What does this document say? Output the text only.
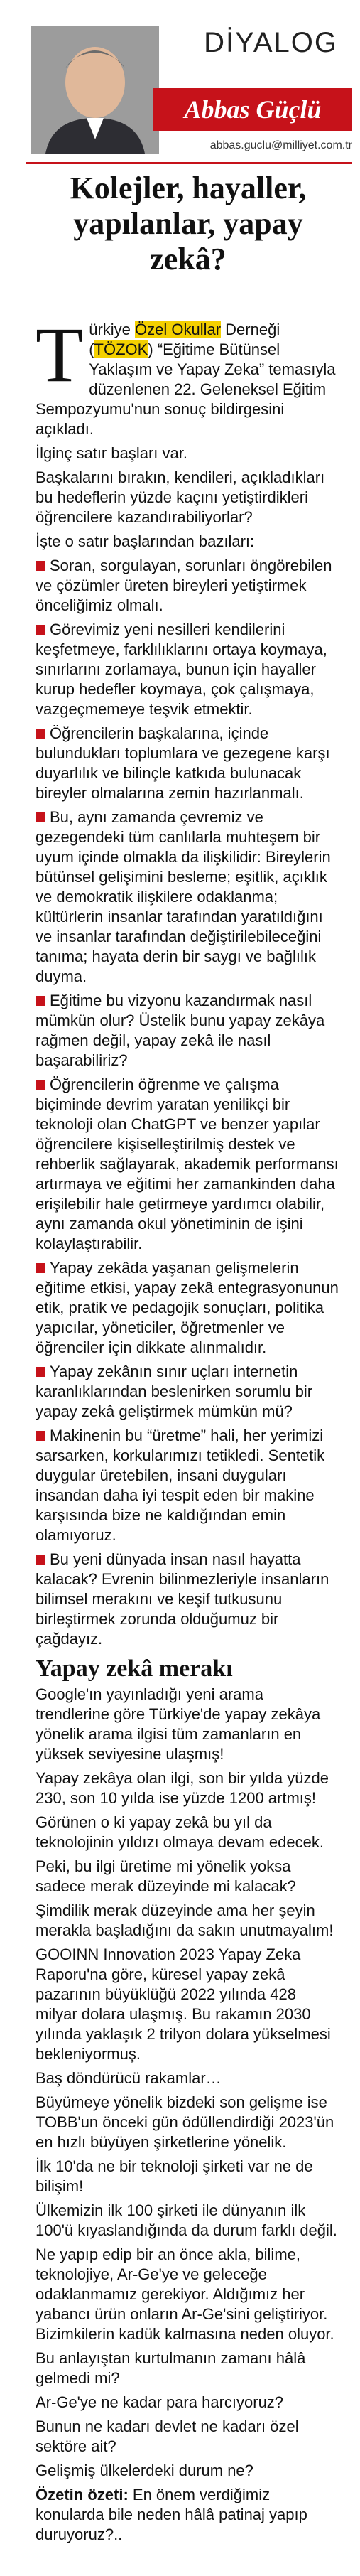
DİYALOG
Abbas Güçlü
abbas.guclu@milliyet.com.tr
Kolejler, hayaller, yapılanlar, yapay zekâ?

T ürkiye Özel Okullar Derneği (TÖZOK) “Eğitime Bütünsel Yaklaşım ve Yapay Zeka” temasıyla düzenlenen 22. Geleneksel Eğitim Sempozyumu'nun sonuç bildirgesini açıkladı.

İlginç satır başları var.

Başkalarını bırakın, kendileri, açıkladıkları bu hedeflerin yüzde kaçını yetiştirdikleri öğrencilere kazandırabiliyorlar?

İşte o satır başlarından bazıları:

Soran, sorgulayan, sorunları öngörebilen ve çözümler üreten bireyleri yetiştirmek önceliğimiz olmalı.

Görevimiz yeni nesilleri kendilerini keşfetmeye, farklılıklarını ortaya koymaya, sınırlarını zorlamaya, bunun için hayaller kurup hedefler koymaya, çok çalışmaya, vazgeçmemeye teşvik etmektir.

Öğrencilerin başkalarına, içinde bulundukları toplumlara ve gezegene karşı duyarlılık ve bilinçle katkıda bulunacak bireyler olmalarına zemin hazırlanmalı.

Bu, aynı zamanda çevremiz ve gezegendeki tüm canlılarla muhteşem bir uyum içinde olmakla da ilişkilidir: Bireylerin bütünsel gelişimini besleme; eşitlik, açıklık ve demokratik ilişkilere odaklanma; kültürlerin insanlar tarafından yaratıldığını ve insanlar tarafından değiştirilebileceğini tanıma; hayata derin bir saygı ve bağlılık duyma.

Eğitime bu vizyonu kazandırmak nasıl mümkün olur? Üstelik bunu yapay zekâya rağmen değil, yapay zekâ ile nasıl başarabiliriz?

Öğrencilerin öğrenme ve çalışma biçiminde devrim yaratan yenilikçi bir teknoloji olan ChatGPT ve benzer yapılar öğrencilere kişiselleştirilmiş destek ve rehberlik sağlayarak, akademik performansı artırmaya ve eğitimi her zamankinden daha erişilebilir hale getirmeye yardımcı olabilir, aynı zamanda okul yönetiminin de işini kolaylaştırabilir.

Yapay zekâda yaşanan gelişmelerin eğitime etkisi, yapay zekâ entegrasyonunun etik, pratik ve pedagojik sonuçları, politika yapıcılar, yöneticiler, öğretmenler ve öğrenciler için dikkate alınmalıdır.

Yapay zekânın sınır uçları internetin karanlıklarından beslenirken sorumlu bir yapay zekâ geliştirmek mümkün mü?

Makinenin bu “üretme” hali, her yerimizi sarsarken, korkularımızı tetikledi. Sentetik duygular üretebilen, insani duyguları insandan daha iyi tespit eden bir makine karşısında bize ne kaldığından emin olamıyoruz.

Bu yeni dünyada insan nasıl hayatta kalacak? Evrenin bilinmezleriyle insanların bilimsel merakını ve keşif tutkusunu birleştirmek zorunda olduğumuz bir çağdayız.

Yapay zekâ merakı

Google'ın yayınladığı yeni arama trendlerine göre Türkiye'de yapay zekâya yönelik arama ilgisi tüm zamanların en yüksek seviyesine ulaşmış!

Yapay zekâya olan ilgi, son bir yılda yüzde 230, son 10 yılda ise yüzde 1200 artmış!

Görünen o ki yapay zekâ bu yıl da teknolojinin yıldızı olmaya devam edecek.

Peki, bu ilgi üretime mi yönelik yoksa sadece merak düzeyinde mi kalacak?

Şimdilik merak düzeyinde ama her şeyin merakla başladığını da sakın unutmayalım!

GOOINN Innovation 2023 Yapay Zeka Raporu'na göre, küresel yapay zekâ pazarının büyüklüğü 2022 yılında 428 milyar dolara ulaşmış. Bu rakamın 2030 yılında yaklaşık 2 trilyon dolara yükselmesi bekleniyormuş.

Baş döndürücü rakamlar…

Büyümeye yönelik bizdeki son gelişme ise TOBB'un önceki gün ödüllendirdiği 2023'ün en hızlı büyüyen şirketlerine yönelik.

İlk 10'da ne bir teknoloji şirketi var ne de bilişim!

Ülkemizin ilk 100 şirketi ile dünyanın ilk 100'ü kıyaslandığında da durum farklı değil.

Ne yapıp edip bir an önce akla, bilime, teknolojiye, Ar-Ge'ye ve geleceğe odaklanmamız gerekiyor. Aldığımız her yabancı ürün onların Ar-Ge'sini geliştiriyor. Bizimkilerin kadük kalmasına neden oluyor.

Bu anlayıştan kurtulmanın zamanı hâlâ gelmedi mi?

Ar-Ge'ye ne kadar para harcıyoruz?

Bunun ne kadarı devlet ne kadarı özel sektöre ait?

Gelişmiş ülkelerdeki durum ne?

Özetin özeti: En önem verdiğimiz konularda bile neden hâlâ patinaj yapıp duruyoruz?..
